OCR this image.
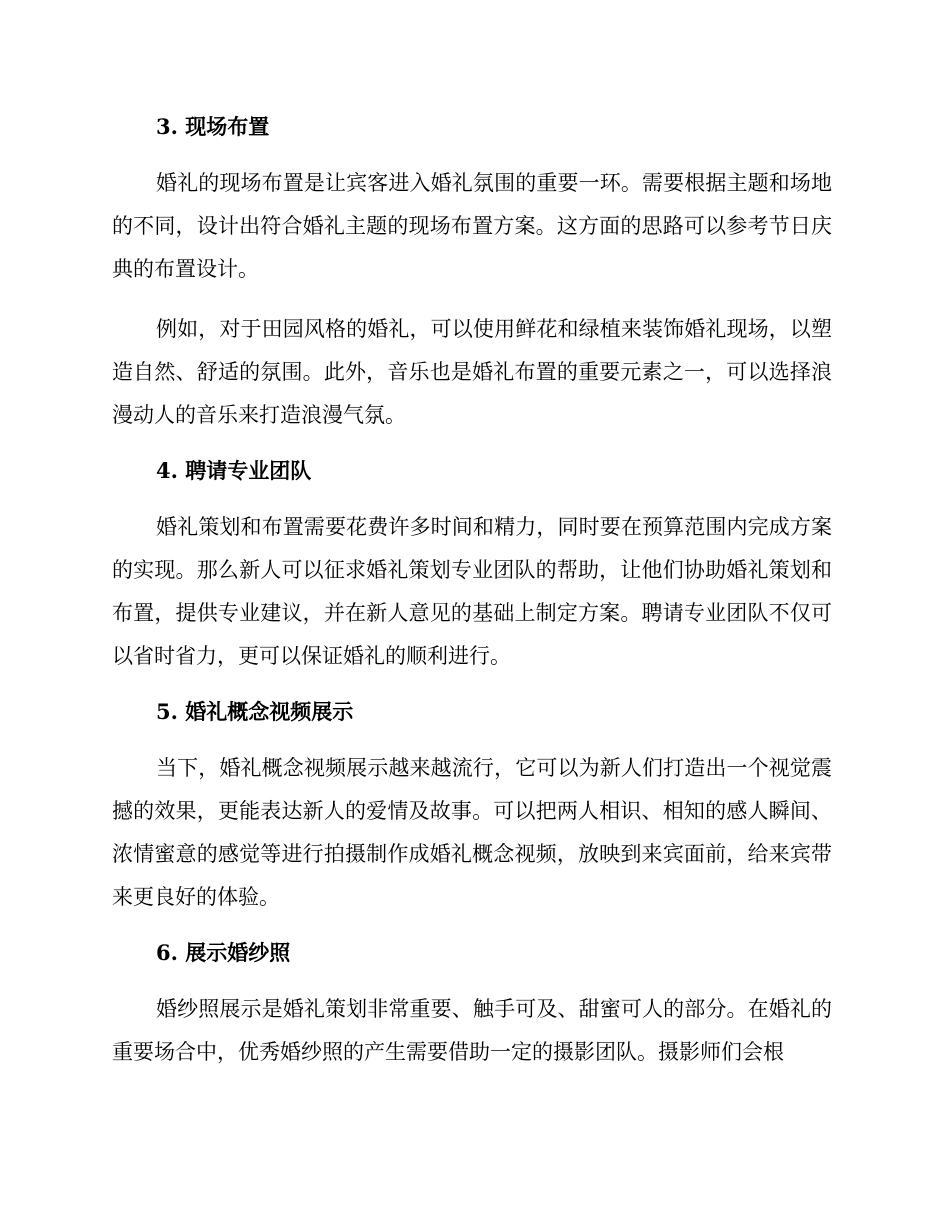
3. 现场布置

婚礼的现场布置是让宾客进入婚礼氛围的重要一环。需要根据主题和场地的不同，设计出符合婚礼主题的现场布置方案。这方面的思路可以参考节日庆典的布置设计。

例如，对于田园风格的婚礼，可以使用鲜花和绿植来装饰婚礼现场，以塑造自然、舒适的氛围。此外，音乐也是婚礼布置的重要元素之一，可以选择浪漫动人的音乐来打造浪漫气氛。

4. 聘请专业团队

婚礼策划和布置需要花费许多时间和精力，同时要在预算范围内完成方案的实现。那么新人可以征求婚礼策划专业团队的帮助，让他们协助婚礼策划和布置，提供专业建议，并在新人意见的基础上制定方案。聘请专业团队不仅可以省时省力，更可以保证婚礼的顺利进行。

5. 婚礼概念视频展示

当下，婚礼概念视频展示越来越流行，它可以为新人们打造出一个视觉震撼的效果，更能表达新人的爱情及故事。可以把两人相识、相知的感人瞬间、浓情蜜意的感觉等进行拍摄制作成婚礼概念视频，放映到来宾面前，给来宾带来更良好的体验。

6. 展示婚纱照

婚纱照展示是婚礼策划非常重要、触手可及、甜蜜可人的部分。在婚礼的重要场合中，优秀婚纱照的产生需要借助一定的摄影团队。摄影师们会根
